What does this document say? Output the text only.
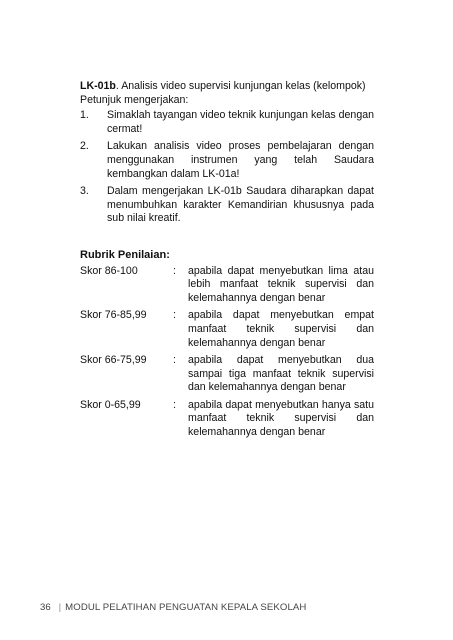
LK-01b. Analisis video supervisi kunjungan kelas (kelompok)

Petunjuk mengerjakan:

1.	Simaklah tayangan video teknik kunjungan kelas dengan cermat!
2.	Lakukan analisis video proses pembelajaran dengan menggunakan instrumen yang telah Saudara kembangkan dalam LK-01a!
3.	Dalam mengerjakan LK-01b Saudara diharapkan dapat menumbuhkan karakter Kemandirian khususnya pada sub nilai kreatif.

Rubrik Penilaian:

Skor 86-100	:	apabila dapat menyebutkan lima atau lebih manfaat teknik supervisi dan kelemahannya dengan benar
Skor 76-85,99	:	apabila dapat menyebutkan empat manfaat teknik supervisi dan kelemahannya dengan benar
Skor 66-75,99	:	apabila dapat menyebutkan dua sampai tiga manfaat teknik supervisi dan kelemahannya dengan benar
Skor 0-65,99	:	apabila dapat menyebutkan hanya satu manfaat teknik supervisi dan kelemahannya dengan benar
36 | MODUL PELATIHAN PENGUATAN KEPALA SEKOLAH
